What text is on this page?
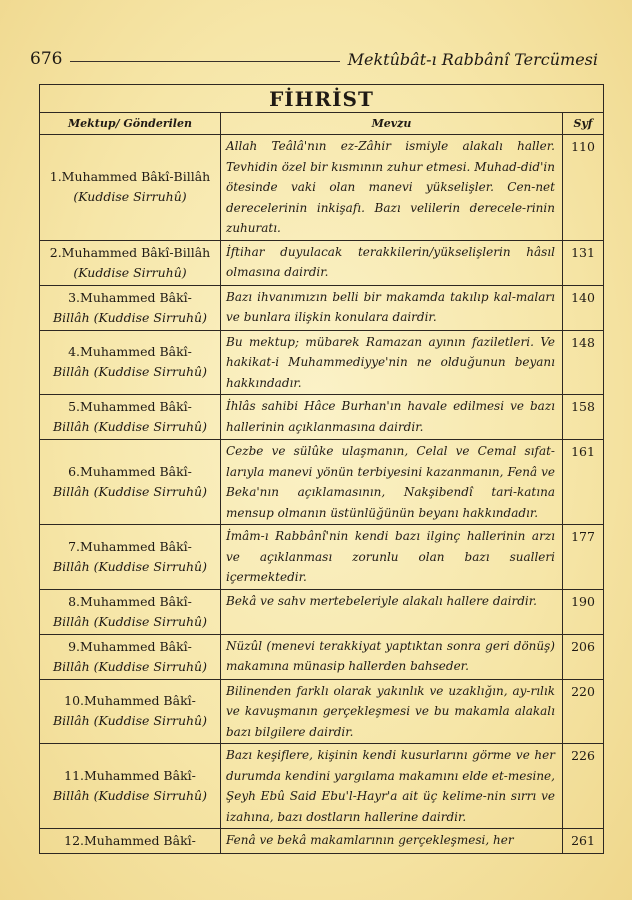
676	Mektûbât-ı Rabbânî Tercümesi
FİHRİST		
Mektup/ Gönderilen	Mevzu	Syf

1.Muhammed Bâkî-Billâh
(Kuddise Sirruhû)	Allah Teâlâ'nın ez-Zâhir ismiyle alakalı haller. Tevhidin özel bir kısmının zuhur etmesi. Muhad-did'in ötesinde vaki olan manevi yükselişler. Cen-net derecelerinin inkişafı. Bazı velilerin derecele-rinin zuhuratı.	110

2.Muhammed Bâkî-Billâh
(Kuddise Sirruhû)	İftihar duyulacak terakkilerin/yükselişlerin hâsıl olmasına dairdir.	131

3.Muhammed Bâkî-
Billâh (Kuddise Sirruhû)	Bazı ihvanımızın belli bir makamda takılıp kal-maları ve bunlara ilişkin konulara dairdir.	140

4.Muhammed Bâkî-
Billâh (Kuddise Sirruhû)	Bu mektup; mübarek Ramazan ayının faziletleri. Ve hakikat-i Muhammediyye'nin ne olduğunun beyanı hakkındadır.	148

5.Muhammed Bâkî-
Billâh (Kuddise Sirruhû)	İhlâs sahibi Hâce Burhan'ın havale edilmesi ve bazı hallerinin açıklanmasına dairdir.	158

6.Muhammed Bâkî-
Billâh (Kuddise Sirruhû)	Cezbe ve sülûke ulaşmanın, Celal ve Cemal sıfat-larıyla manevi yönün terbiyesini kazanmanın, Fenâ ve Beka'nın açıklamasının, Nakşibendî tari-katına mensup olmanın üstünlüğünün beyanı hakkındadır.	161

7.Muhammed Bâkî-
Billâh (Kuddise Sirruhû)	İmâm-ı Rabbânî'nin kendi bazı ilginç hallerinin arzı ve açıklanması zorunlu olan bazı sualleri içermektedir.	177

8.Muhammed Bâkî-
Billâh (Kuddise Sirruhû)	Bekâ ve sahv mertebeleriyle alakalı hallere dairdir.	190

9.Muhammed Bâkî-
Billâh (Kuddise Sirruhû)	Nüzûl (menevi terakkiyat yaptıktan sonra geri dönüş) makamına münasip hallerden bahseder.	206

10.Muhammed Bâkî-
Billâh (Kuddise Sirruhû)	Bilinenden farklı olarak yakınlık ve uzaklığın, ay-rılık ve kavuşmanın gerçekleşmesi ve bu makamla alakalı bazı bilgilere dairdir.	220

11.Muhammed Bâkî-
Billâh (Kuddise Sirruhû)	Bazı keşiflere, kişinin kendi kusurlarını görme ve her durumda kendini yargılama makamını elde et-mesine, Şeyh Ebû Said Ebu'l-Hayr'a ait üç kelime-nin sırrı ve izahına, bazı dostların hallerine dairdir.	226

12.Muhammed Bâkî-	Fenâ ve bekâ makamlarının gerçekleşmesi, her	261
